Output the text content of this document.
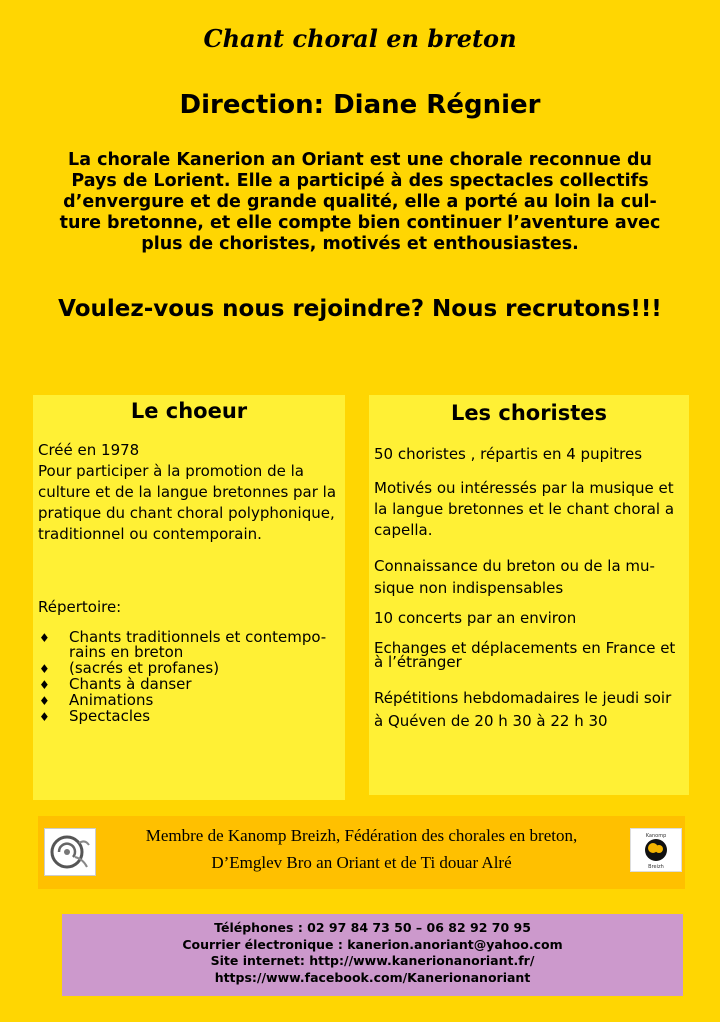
Chant choral en breton
Direction: Diane Régnier
La chorale Kanerion an Oriant est une chorale reconnue du
Pays de Lorient. Elle a participé à des spectacles collectifs
d’envergure et de grande qualité, elle a porté au loin la cul-
ture bretonne, et elle compte bien continuer l’aventure avec
plus de choristes, motivés et enthousiastes.
Voulez-vous nous rejoindre? Nous recrutons!!!
Le choeur
Créé en 1978
Pour participer à la promotion de la
culture et de la langue bretonnes par la
pratique du chant choral polyphonique,
traditionnel ou contemporain.
Répertoire:
♦ Chants traditionnels et contempo-
rains en breton
♦ (sacrés et profanes)
♦ Chants à danser
♦ Animations
♦ Spectacles
Les choristes
50 choristes , répartis en 4 pupitres
Motivés ou intéressés par la musique et
la langue bretonnes et le chant choral a
capella.
Connaissance du breton ou de la mu-
sique non indispensables
10 concerts par an environ
Echanges et déplacements en France et
à l’étranger
Répétitions hebdomadaires le jeudi soir
à Quéven de 20 h 30 à 22 h 30
Membre de Kanomp Breizh, Fédération des chorales en breton,
D’Emglev Bro an Oriant et de Ti douar Alré
Kanomp
Breizh
Téléphones : 02 97 84 73 50 – 06 82 92 70 95
Courrier électronique : kanerion.anoriant@yahoo.com
Site internet: http://www.kanerionanoriant.fr/
https://www.facebook.com/Kanerionanoriant
